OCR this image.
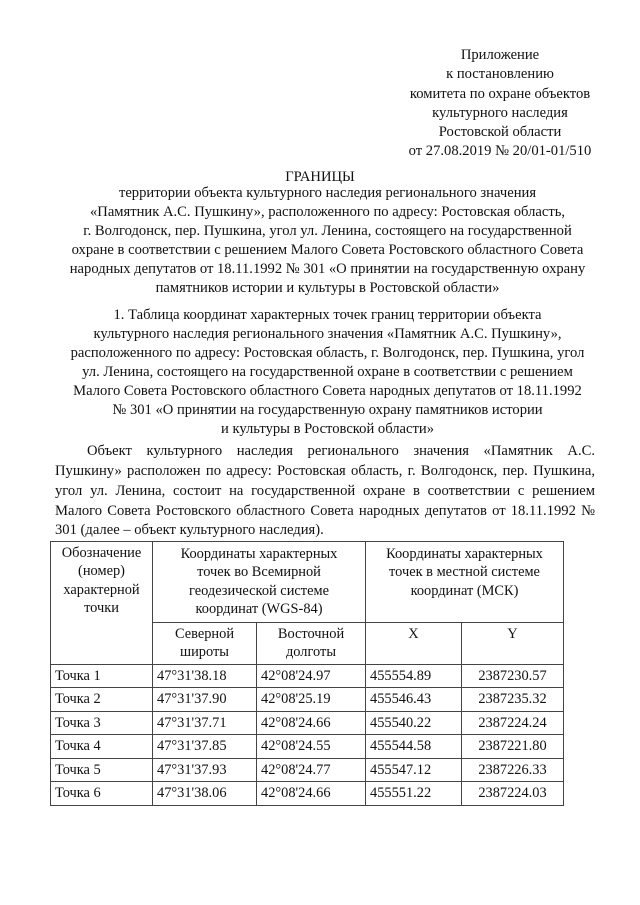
Приложение
к постановлению
комитета по охране объектов
культурного наследия
Ростовской области
от 27.08.2019 № 20/01-01/510
ГРАНИЦЫ
территории объекта культурного наследия регионального значения
«Памятник А.С. Пушкину», расположенного по адресу: Ростовская область,
г. Волгодонск, пер. Пушкина, угол ул. Ленина, состоящего на государственной
охране в соответствии с решением Малого Совета Ростовского областного Совета
народных депутатов от 18.11.1992 № 301 «О принятии на государственную охрану
памятников истории и культуры в Ростовской области»
1. Таблица координат характерных точек границ территории объекта
культурного наследия регионального значения «Памятник А.С. Пушкину»,
расположенного по адресу: Ростовская область, г. Волгодонск, пер. Пушкина, угол
ул. Ленина, состоящего на государственной охране в соответствии с решением
Малого Совета Ростовского областного Совета народных депутатов от 18.11.1992
№ 301 «О принятии на государственную охрану памятников истории
и культуры в Ростовской области»
Объект культурного наследия регионального значения «Памятник А.С. Пушкину» расположен по адресу: Ростовская область, г. Волгодонск, пер. Пушкина, угол ул. Ленина, состоит на государственной охране в соответствии с решением Малого Совета Ростовского областного Совета народных депутатов от 18.11.1992 № 301 (далее – объект культурного наследия).
Обозначение (номер) характерной точки	Координаты характерных точек во Всемирной геодезической системе координат (WGS-84)		Координаты характерных точек в местной системе координат (МСК)	
	Северной широты	Восточной долготы	X	Y
Точка 1	47°31'38.18	42°08'24.97	455554.89	2387230.57
Точка 2	47°31'37.90	42°08'25.19	455546.43	2387235.32
Точка 3	47°31'37.71	42°08'24.66	455540.22	2387224.24
Точка 4	47°31'37.85	42°08'24.55	455544.58	2387221.80
Точка 5	47°31'37.93	42°08'24.77	455547.12	2387226.33
Точка 6	47°31'38.06	42°08'24.66	455551.22	2387224.03
